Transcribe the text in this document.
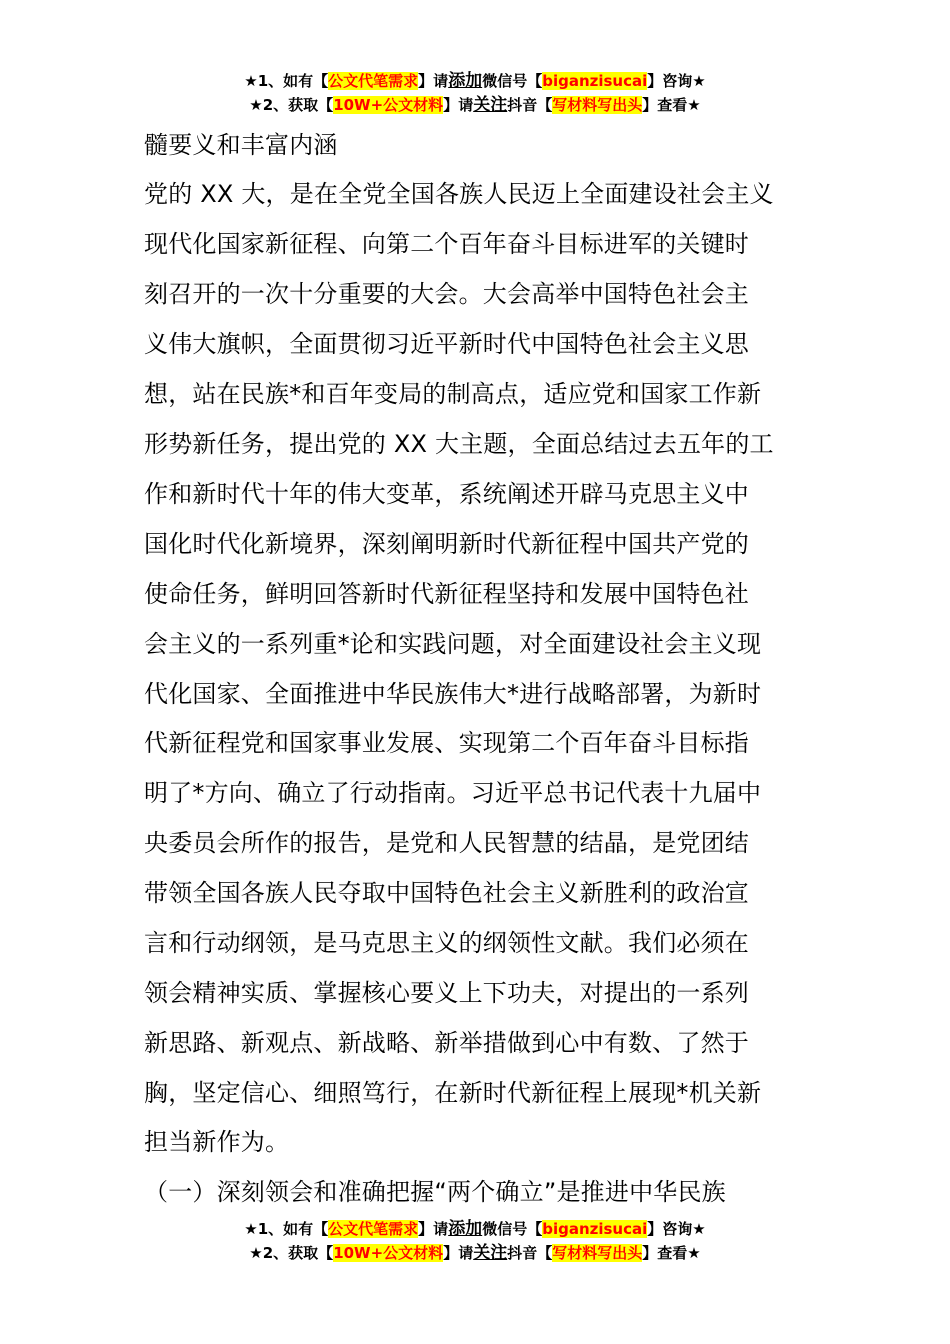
★1、如有【公文代笔需求】请添加微信号【biganzisucai】咨询★
★2、获取【10W+公文材料】请关注抖音【写材料写出头】查看★
髓要义和丰富内涵
党的 XX 大，是在全党全国各族人民迈上全面建设社会主义
现代化国家新征程、向第二个百年奋斗目标进军的关键时
刻召开的一次十分重要的大会。大会高举中国特色社会主
义伟大旗帜，全面贯彻习近平新时代中国特色社会主义思
想，站在民族*和百年变局的制高点，适应党和国家工作新
形势新任务，提出党的 XX 大主题，全面总结过去五年的工
作和新时代十年的伟大变革，系统阐述开辟马克思主义中
国化时代化新境界，深刻阐明新时代新征程中国共产党的
使命任务，鲜明回答新时代新征程坚持和发展中国特色社
会主义的一系列重*论和实践问题，对全面建设社会主义现
代化国家、全面推进中华民族伟大*进行战略部署，为新时
代新征程党和国家事业发展、实现第二个百年奋斗目标指
明了*方向、确立了行动指南。习近平总书记代表十九届中
央委员会所作的报告，是党和人民智慧的结晶，是党团结
带领全国各族人民夺取中国特色社会主义新胜利的政治宣
言和行动纲领，是马克思主义的纲领性文献。我们必须在
领会精神实质、掌握核心要义上下功夫，对提出的一系列
新思路、新观点、新战略、新举措做到心中有数、了然于
胸，坚定信心、细照笃行，在新时代新征程上展现*机关新
担当新作为。
（一）深刻领会和准确把握“两个确立”是推进中华民族
★1、如有【公文代笔需求】请添加微信号【biganzisucai】咨询★
★2、获取【10W+公文材料】请关注抖音【写材料写出头】查看★
